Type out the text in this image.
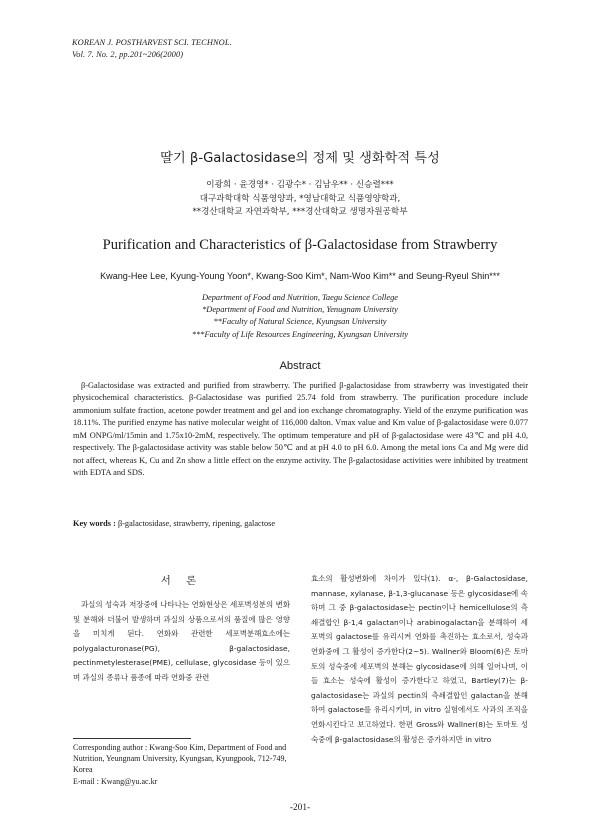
KOREAN J. POSTHARVEST SCI. TECHNOL.
Vol. 7. No. 2, pp.201~206(2000)
딸기 β-Galactosidase의 정제 및 생화학적 특성
이광희 · 윤경영* · 김광수* · 김남우** · 신승렬***
대구과학대학 식품영양과, *영남대학교 식품영양학과,
**경산대학교 자연과학부, ***경산대학교 생명자원공학부
Purification and Characteristics of β-Galactosidase from Strawberry
Kwang-Hee Lee, Kyung-Young Yoon*, Kwang-Soo Kim*, Nam-Woo Kim** and Seung-Ryeul Shin***
Department of Food and Nutrition, Taegu Science College
*Department of Food and Nutrition, Yenugnam University
**Faculty of Natural Science, Kyungsan University
***Faculty of Life Resources Engineering, Kyungsan University
Abstract

β-Galactosidase was extracted and purified from strawberry. The purified β-galactosidase from strawberry was investigated their physicochemical characteristics. β-Galactosidase was purified 25.74 fold from strawberry. The purification procedure include ammonium sulfate fraction, acetone powder treatment and gel and ion exchange chromatography. Yield of the enzyme purification was 18.11%. The purified enzyme has native molecular weight of 116,000 dalton. Vmax value and Km value of β-galactosidase were 0.077 mM ONPG/ml/15min and 1.75x10-2mM, respectively. The optimum temperature and pH of β-galactosidase were 43℃ and pH 4.0, respectively. The β-galactosidase activity was stable below 50℃ and at pH 4.0 to pH 6.0. Among the metal ions Ca and Mg were did not affect, whereas K, Cu and Zn show a little effect on the enzyme activity. The β-galactosidase activities were inhibited by treatment with EDTA and SDS.

Key words : β-galactosidase, strawberry, ripening, galactose
서 론

과실의 성숙과 저장중에 나타나는 연화현상은 세포벽성분의 변화 및 분해와 더불어 발생하며 과실의 상품으로서의 품질에 많은 영향을 미치게 된다. 연화와 관련한 세포벽분해효소에는 polygalacturonase(PG), β-galactosidase, pectinmetylesterase(PME), cellulase, glycosidase 등이 있으며 과실의 종류나 품종에 따라 연화중 관련

효소의 활성변화에 차이가 있다(1). α-, β-Galactosidase, mannase, xylanase, β-1,3-glucanase 등은 glycosidase에 속하며 그 중 β-galactosidase는 pectin이나 hemicellulose의 측쇄결합인 β-1,4 galactan이나 arabinogalactan을 분해하여 세포벽의 galactose를 유리시켜 연화를 촉진하는 효소로서, 성숙과 연화중에 그 활성이 증가한다(2~5). Wallner와 Bloom(6)은 토마토의 성숙중에 세포벽의 분해는 glycosidase에 의해 일어나며, 이들 효소는 성숙에 활성이 증가한다고 하였고, Bartley(7)는 β-galactosidase는 과실의 pectin의 측쇄결합인 galactan을 분해하여 galactose를 유리시키며, in vitro 실험에서도 사과의 조직을 연화시킨다고 보고하였다. 한편 Gross와 Wallner(8)는 토마토 성숙중에 β-galactosidase의 활성은 증가하지만 in vitro

Corresponding author : Kwang-Soo Kim, Department of Food and Nutrition, Yeungnam University, Kyungsan, Kyungpook, 712-749, Korea
E-mail : Kwang@yu.ac.kr
-201-
